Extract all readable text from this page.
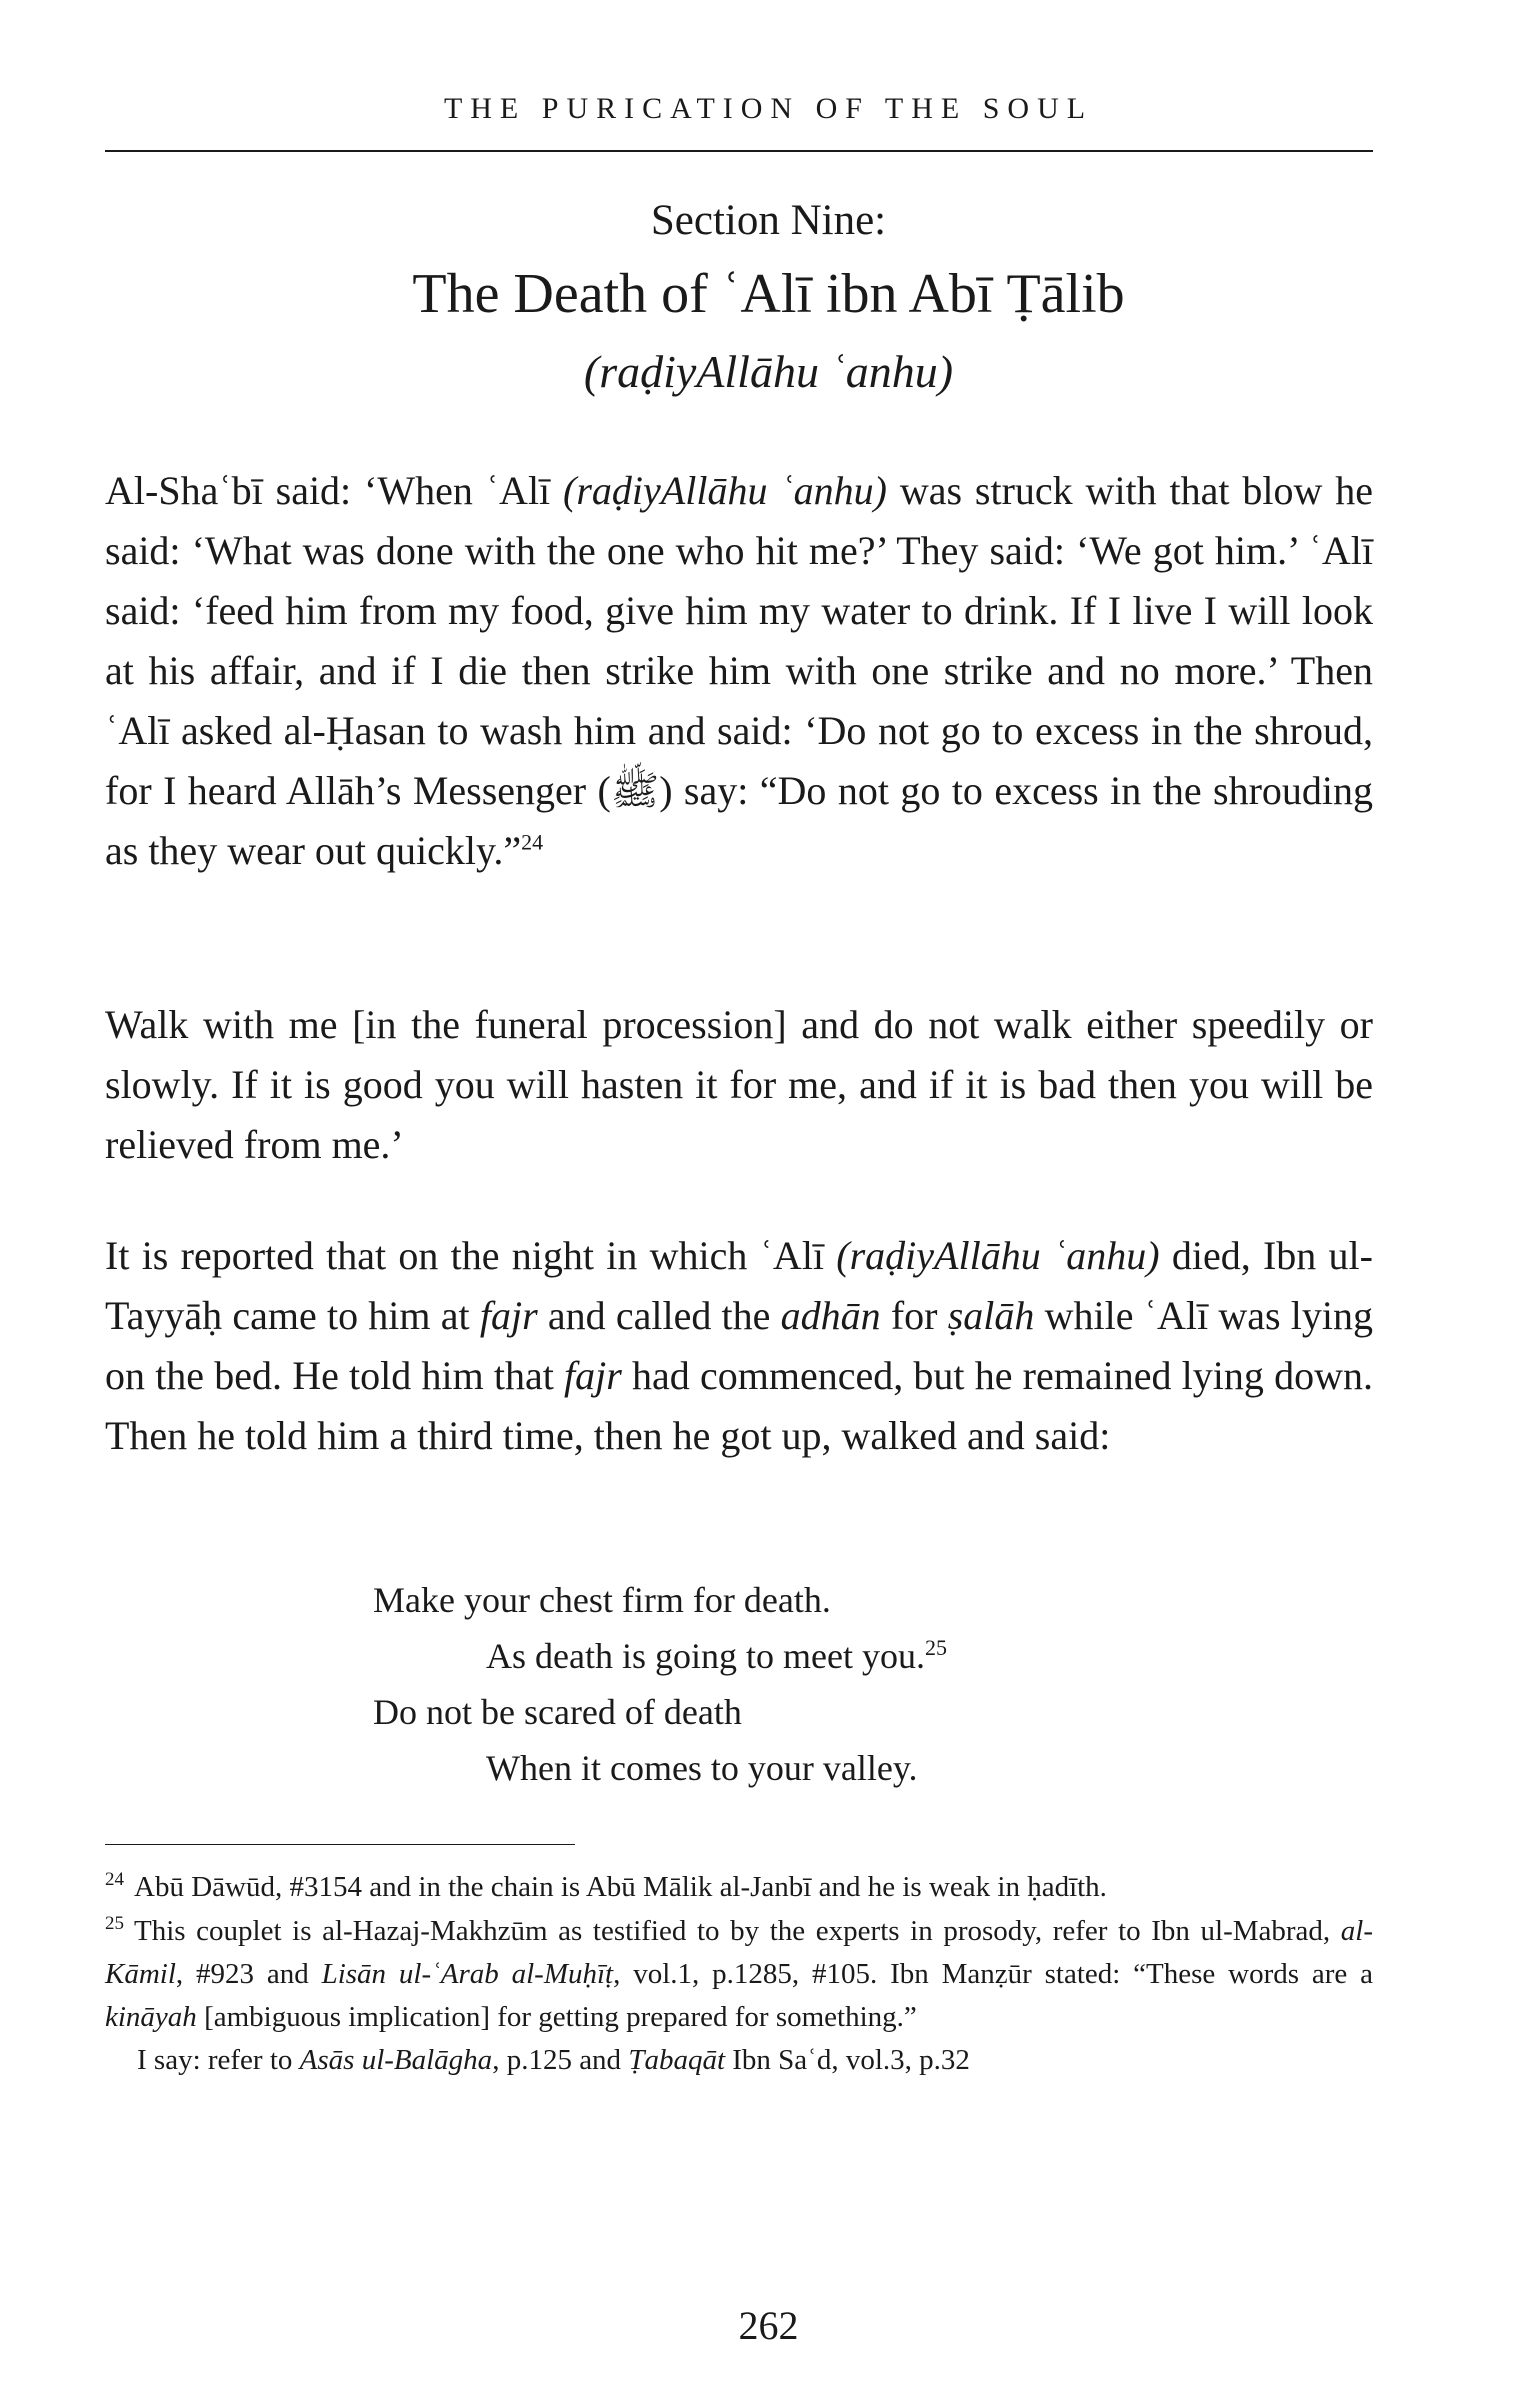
THE PURICATION OF THE SOUL
Section Nine:
The Death of ʿAlī ibn Abī Ṭālib
(raḍiyAllāhu ʿanhu)

Al-Shaʿbī said: ‘When ʿAlī (raḍiyAllāhu ʿanhu) was struck with that blow he said: ‘What was done with the one who hit me?’ They said: ‘We got him.’ ʿAlī said: ‘feed him from my food, give him my water to drink. If I live I will look at his affair, and if I die then strike him with one strike and no more.’ Then ʿAlī asked al-Ḥasan to wash him and said: ‘Do not go to excess in the shroud, for I heard Allāh’s Messenger (ﷺ) say: “Do not go to excess in the shrouding as they wear out quickly.”$^{24}$

Walk with me [in the funeral procession] and do not walk either speedily or slowly. If it is good you will hasten it for me, and if it is bad then you will be relieved from me.’

It is reported that on the night in which ʿAlī (raḍiyAllāhu ʿanhu) died, Ibn ul-Tayyāḥ came to him at fajr and called the adhān for ṣalāh while ʿAlī was lying on the bed. He told him that fajr had commenced, but he remained lying down. Then he told him a third time, then he got up, walked and said:

Make your chest firm for death.
As death is going to meet you.$^{25}$
Do not be scared of death
When it comes to your valley.

$^{24}$ Abū Dāwūd, #3154 and in the chain is Abū Mālik al-Janbī and he is weak in ḥadīth.

$^{25}$ This couplet is al-Hazaj-Makhzūm as testified to by the experts in prosody, refer to Ibn ul-Mabrad, al-Kāmil, #923 and Lisān ul-ʿArab al-Muḥīṭ, vol.1, p.1285, #105. Ibn Manẓūr stated: “These words are a kināyah [ambiguous implication] for getting prepared for something.”
I say: refer to Asās ul-Balāgha, p.125 and Ṭabaqāt Ibn Saʿd, vol.3, p.32

262
